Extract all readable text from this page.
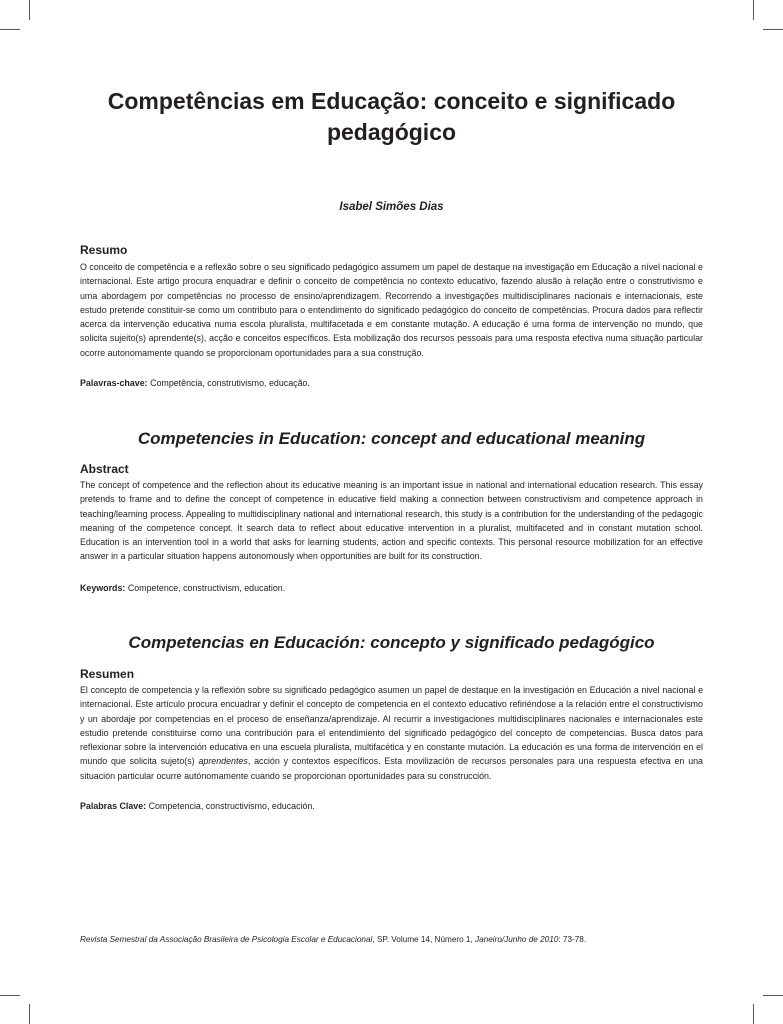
Competências em Educação: conceito e significado pedagógico
Isabel Simões Dias
Resumo

O conceito de competência e a reflexão sobre o seu significado pedagógico assumem um papel de destaque na investigação em Educação a nível nacional e internacional. Este artigo procura enquadrar e definir o conceito de competência no contexto educativo, fazendo alusão à relação entre o construtivismo e uma abordagem por competências no processo de ensino/aprendizagem. Recorrendo a investigações multidisciplinares nacionais e internacionais, este estudo pretende constituir-se como um contributo para o entendimento do significado pedagógico do conceito de competências. Procura dados para reflectir acerca da intervenção educativa numa escola pluralista, multifacetada e em constante mutação. A educação é uma forma de intervenção no mundo, que solicita sujeito(s) aprendente(s), acção e conceitos específicos. Esta mobilização dos recursos pessoais para uma resposta efectiva numa situação particular ocorre autonomamente quando se proporcionam oportunidades para a sua construção.

Palavras-chave: Competência, construtivismo, educação.

Competencies in Education: concept and educational meaning
Abstract

The concept of competence and the reflection about its educative meaning is an important issue in national and international education research. This essay pretends to frame and to define the concept of competence in educative field making a connection between constructivism and competence approach in teaching/learning process. Appealing to multidisciplinary national and international research, this study is a contribution for the understanding of the pedagogic meaning of the competence concept. It search data to reflect about educative intervention in a pluralist, multifaceted and in constant mutation school. Education is an intervention tool in a world that asks for learning students, action and specific contexts. This personal resource mobilization for an effective answer in a particular situation happens autonomously when opportunities are built for its construction.

Keywords: Competence, constructivism, education.

Competencias en Educación: concepto y significado pedagógico
Resumen

El concepto de competencia y la reflexión sobre su significado pedagógico asumen un papel de destaque en la investigación en Educación a nivel nacional e internacional. Este artículo procura encuadrar y definir el concepto de competencia en el contexto educativo refiriéndose a la relación entre el constructivismo y un abordaje por competencias en el proceso de enseñanza/aprendizaje. Al recurrir a investigaciones multidisciplinares nacionales e internacionales este estudio pretende constituirse como una contribución para el entendimiento del significado pedagógico del concepto de competencias. Busca datos para reflexionar sobre la intervención educativa en una escuela pluralista, multifacética y en constante mutación. La educación es una forma de intervención en el mundo que solicita sujeto(s) aprendentes, acción y contextos específicos. Esta movilización de recursos personales para una respuesta efectiva en una situación particular ocurre autónomamente cuando se proporcionan oportunidades para su construcción.

Palabras Clave: Competencia, constructivismo, educación.

Revista Semestral da Associação Brasileira de Psicologia Escolar e Educacional, SP. Volume 14, Número 1, Janeiro/Junho de 2010: 73-78.
